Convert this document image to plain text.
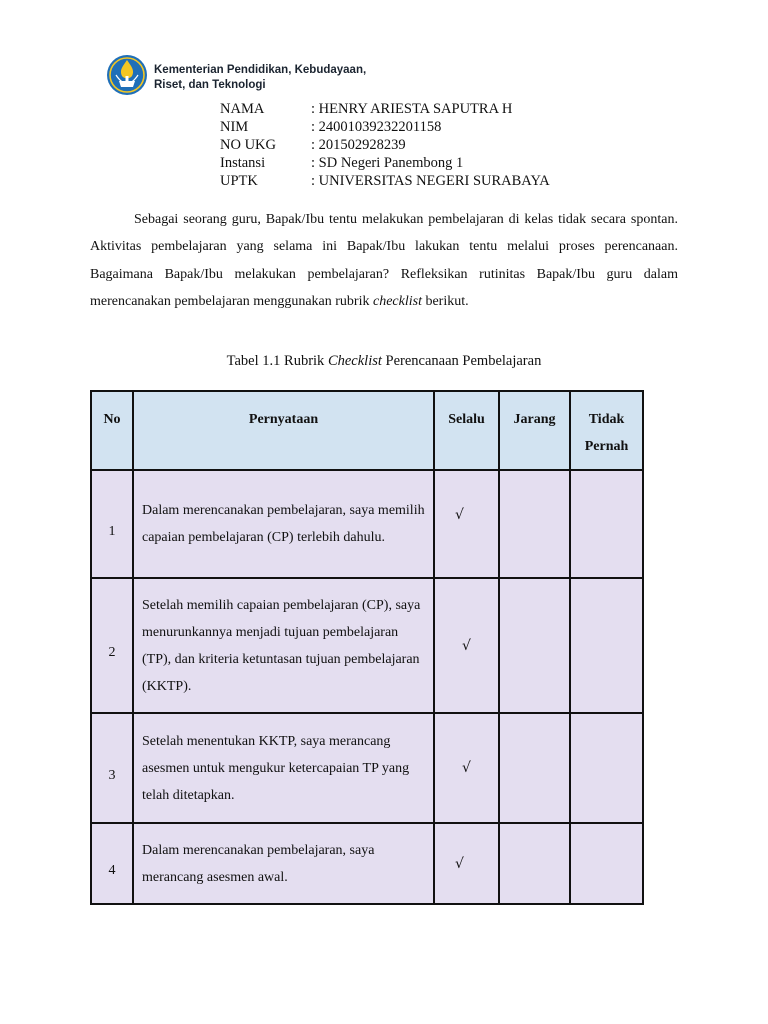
Kementerian Pendidikan, Kebudayaan,
Riset, dan Teknologi
NAMA	: HENRY ARIESTA SAPUTRA H
NIM	: 24001039232201158
NO UKG	: 201502928239
Instansi	: SD Negeri Panembong 1
UPTK	: UNIVERSITAS NEGERI SURABAYA

Sebagai seorang guru, Bapak/Ibu tentu melakukan pembelajaran di kelas tidak secara spontan. Aktivitas pembelajaran yang selama ini Bapak/Ibu lakukan tentu melalui proses perencanaan. Bagaimana Bapak/Ibu melakukan pembelajaran? Refleksikan rutinitas Bapak/Ibu guru dalam merencanakan pembelajaran menggunakan rubrik checklist berikut.

Tabel 1.1 Rubrik Checklist Perencanaan Pembelajaran
No	Pernyataan	Selalu	Jarang	Tidak
Pernah

1	Dalam merencanakan pembelajaran, saya memilih capaian pembelajaran (CP) terlebih dahulu.	√		
2	Setelah memilih capaian pembelajaran (CP), saya menurunkannya menjadi tujuan pembelajaran (TP), dan kriteria ketuntasan tujuan pembelajaran (KKTP).	√		
3	Setelah menentukan KKTP, saya merancang asesmen untuk mengukur ketercapaian TP yang telah ditetapkan.	√		
4	Dalam merencanakan pembelajaran, saya merancang asesmen awal.	√		
